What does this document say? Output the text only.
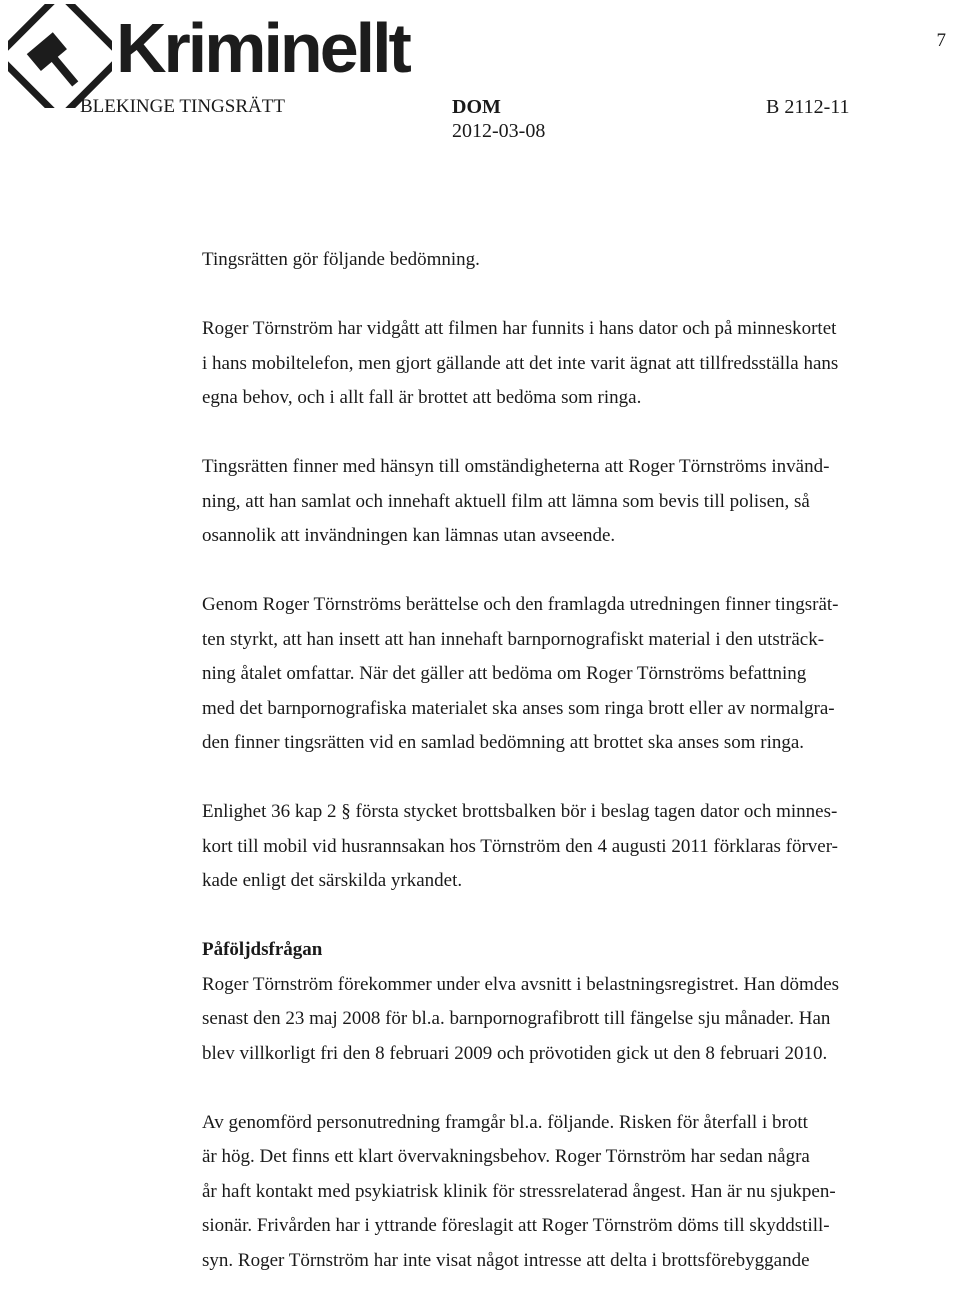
Kriminellt	7
BLEKINGE TINGSRÄTT	DOM
2012-03-08
B 2112-11

Tingsrätten gör följande bedömning.

Roger Törnström har vidgått att filmen har funnits i hans dator och på minneskortet
i hans mobiltelefon, men gjort gällande att det inte varit ägnat att tillfredsställa hans
egna behov, och i allt fall är brottet att bedöma som ringa.

Tingsrätten finner med hänsyn till omständigheterna att Roger Törnströms invänd-
ning, att han samlat och innehaft aktuell film att lämna som bevis till polisen, så
osannolik att invändningen kan lämnas utan avseende.

Genom Roger Törnströms berättelse och den framlagda utredningen finner tingsrät-
ten styrkt, att han insett att han innehaft barnpornografiskt material i den utsträck-
ning åtalet omfattar. När det gäller att bedöma om Roger Törnströms befattning
med det barnpornografiska materialet ska anses som ringa brott eller av normalgra-
den finner tingsrätten vid en samlad bedömning att brottet ska anses som ringa.

Enlighet 36 kap 2 § första stycket brottsbalken bör i beslag tagen dator och minnes-
kort till mobil vid husrannsakan hos Törnström den 4 augusti 2011 förklaras förver-
kade enligt det särskilda yrkandet.

Påföljdsfrågan

Roger Törnström förekommer under elva avsnitt i belastningsregistret. Han dömdes
senast den 23 maj 2008 för bl.a. barnpornografibrott till fängelse sju månader. Han
blev villkorligt fri den 8 februari 2009 och prövotiden gick ut den 8 februari 2010.

Av genomförd personutredning framgår bl.a. följande. Risken för återfall i brott
är hög. Det finns ett klart övervakningsbehov. Roger Törnström har sedan några
år haft kontakt med psykiatrisk klinik för stressrelaterad ångest. Han är nu sjukpen-
sionär. Frivården har i yttrande föreslagit att Roger Törnström döms till skyddstill-
syn. Roger Törnström har inte visat något intresse att delta i brottsförebyggande
